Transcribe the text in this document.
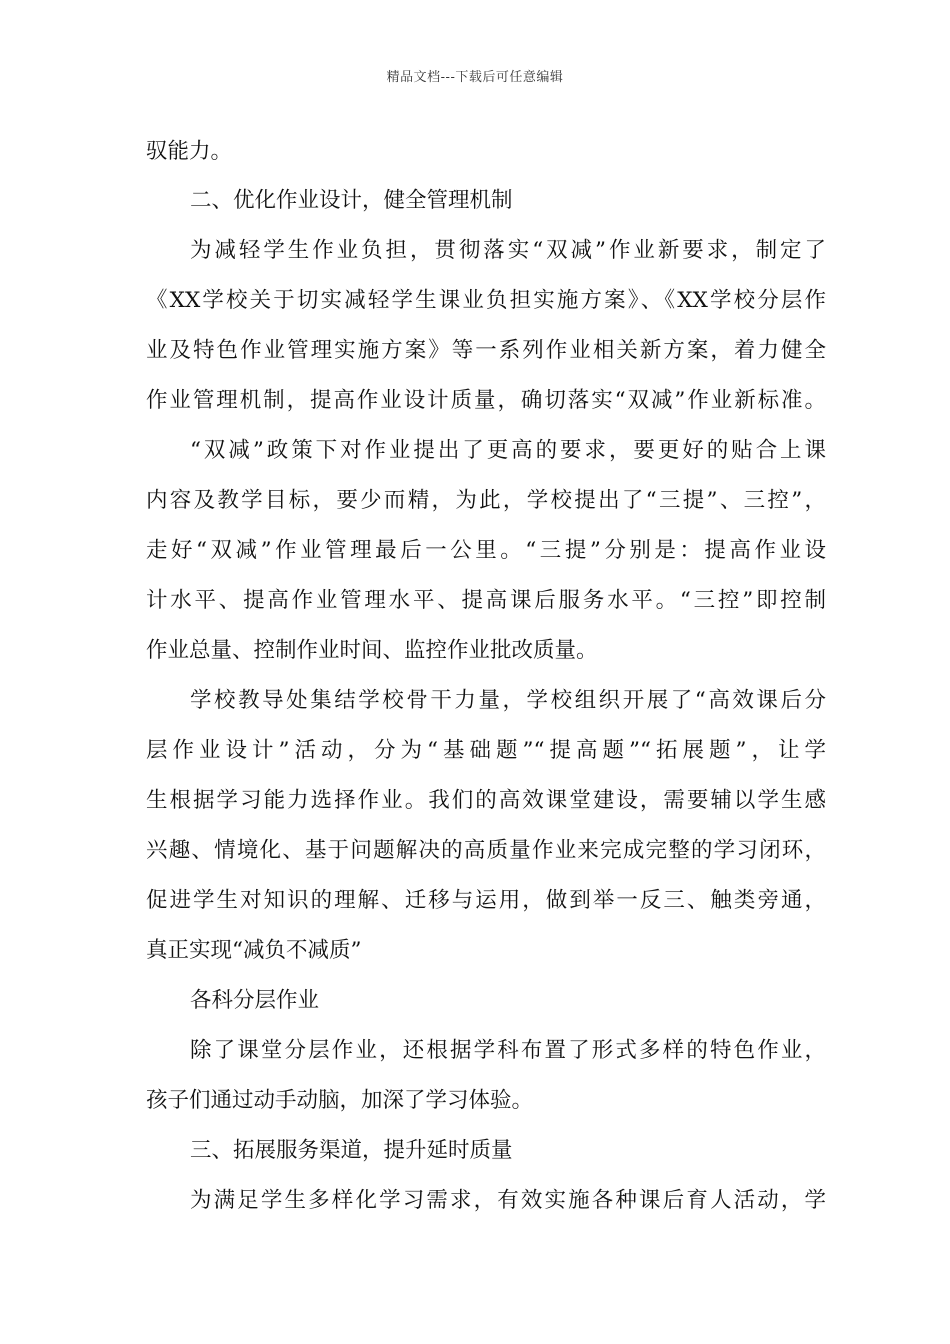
精品文档---下载后可任意编辑
驭能力。
二、优化作业设计，健全管理机制
为减轻学生作业负担，贯彻落实“双减”作业新要求，制定了
《XX学校关于切实减轻学生课业负担实施方案》、《XX学校分层作
业及特色作业管理实施方案》等一系列作业相关新方案，着力健全
作业管理机制，提高作业设计质量，确切落实“双减”作业新标准。
“双减”政策下对作业提出了更高的要求，要更好的贴合上课
内容及教学目标，要少而精，为此，学校提出了“三提”、三控”，
走好“双减”作业管理最后一公里。“三提”分别是：提高作业设
计水平、提高作业管理水平、提高课后服务水平。“三控”即控制
作业总量、控制作业时间、监控作业批改质量。
学校教导处集结学校骨干力量，学校组织开展了“高效课后分
层作业设计”活动，分为“基础题”“提高题”“拓展题”，让学
生根据学习能力选择作业。我们的高效课堂建设，需要辅以学生感
兴趣、情境化、基于问题解决的高质量作业来完成完整的学习闭环，
促进学生对知识的理解、迁移与运用，做到举一反三、触类旁通，
真正实现“减负不减质”
各科分层作业
除了课堂分层作业，还根据学科布置了形式多样的特色作业，
孩子们通过动手动脑，加深了学习体验。
三、拓展服务渠道，提升延时质量
为满足学生多样化学习需求，有效实施各种课后育人活动，学
